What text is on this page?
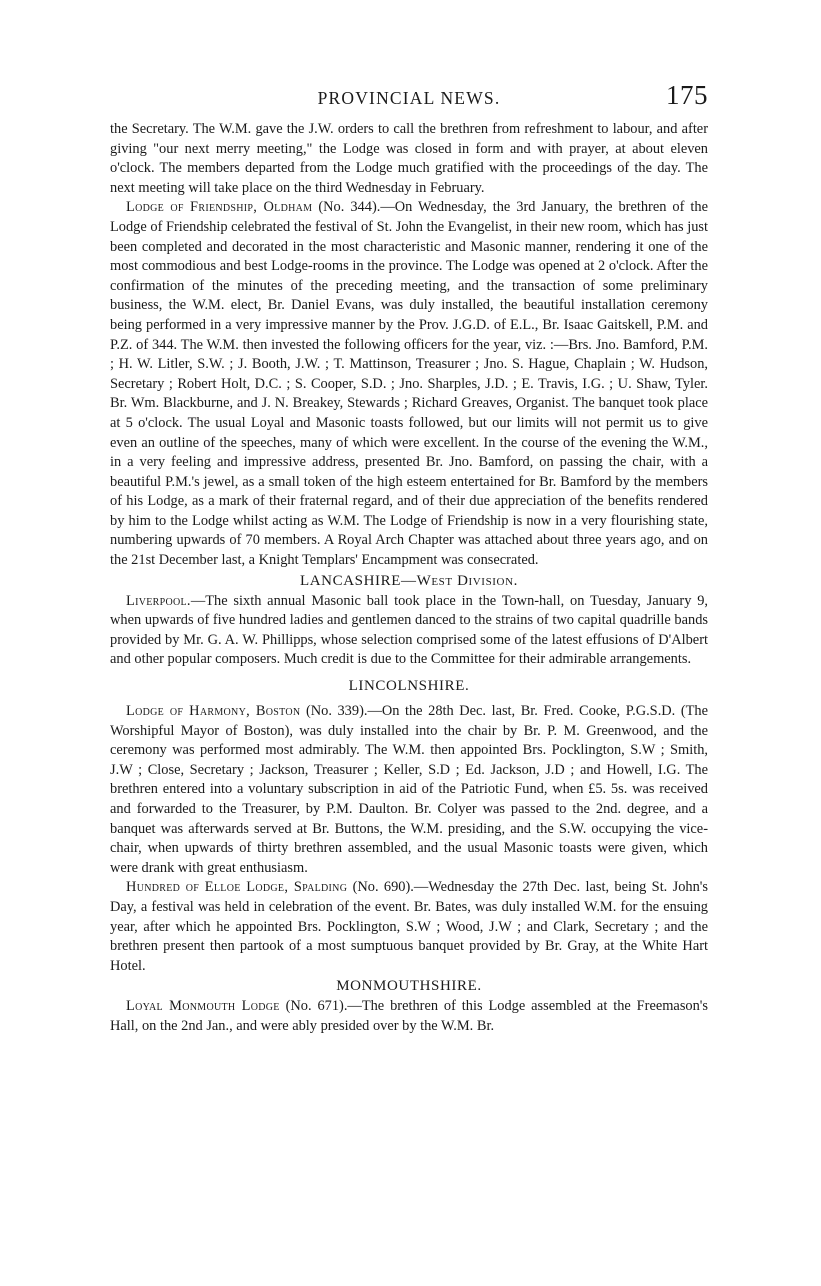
PROVINCIAL NEWS.	175

the Secretary. The W.M. gave the J.W. orders to call the brethren from refreshment to labour, and after giving "our next merry meeting," the Lodge was closed in form and with prayer, at about eleven o'clock. The members departed from the Lodge much gratified with the proceedings of the day. The next meeting will take place on the third Wednesday in February.

Lodge of Friendship, Oldham (No. 344).—On Wednesday, the 3rd January, the brethren of the Lodge of Friendship celebrated the festival of St. John the Evangelist, in their new room, which has just been completed and decorated in the most characteristic and Masonic manner, rendering it one of the most commodious and best Lodge-rooms in the province. The Lodge was opened at 2 o'clock. After the confirmation of the minutes of the preceding meeting, and the transaction of some preliminary business, the W.M. elect, Br. Daniel Evans, was duly installed, the beautiful installation ceremony being performed in a very impressive manner by the Prov. J.G.D. of E.L., Br. Isaac Gaitskell, P.M. and P.Z. of 344. The W.M. then invested the following officers for the year, viz. :—Brs. Jno. Bamford, P.M. ; H. W. Litler, S.W. ; J. Booth, J.W. ; T. Mattinson, Treasurer ; Jno. S. Hague, Chaplain ; W. Hudson, Secretary ; Robert Holt, D.C. ; S. Cooper, S.D. ; Jno. Sharples, J.D. ; E. Travis, I.G. ; U. Shaw, Tyler. Br. Wm. Blackburne, and J. N. Breakey, Stewards ; Richard Greaves, Organist. The banquet took place at 5 o'clock. The usual Loyal and Masonic toasts followed, but our limits will not permit us to give even an outline of the speeches, many of which were excellent. In the course of the evening the W.M., in a very feeling and impressive address, presented Br. Jno. Bamford, on passing the chair, with a beautiful P.M.'s jewel, as a small token of the high esteem entertained for Br. Bamford by the members of his Lodge, as a mark of their fraternal regard, and of their due appreciation of the benefits rendered by him to the Lodge whilst acting as W.M. The Lodge of Friendship is now in a very flourishing state, numbering upwards of 70 members. A Royal Arch Chapter was attached about three years ago, and on the 21st December last, a Knight Templars' Encampment was consecrated.

LANCASHIRE—West Division.

Liverpool.—The sixth annual Masonic ball took place in the Town-hall, on Tuesday, January 9, when upwards of five hundred ladies and gentlemen danced to the strains of two capital quadrille bands provided by Mr. G. A. W. Phillipps, whose selection comprised some of the latest effusions of D'Albert and other popular composers. Much credit is due to the Committee for their admirable arrangements.

LINCOLNSHIRE.

Lodge of Harmony, Boston (No. 339).—On the 28th Dec. last, Br. Fred. Cooke, P.G.S.D. (The Worshipful Mayor of Boston), was duly installed into the chair by Br. P. M. Greenwood, and the ceremony was performed most admirably. The W.M. then appointed Brs. Pocklington, S.W ; Smith, J.W ; Close, Secretary ; Jackson, Treasurer ; Keller, S.D ; Ed. Jackson, J.D ; and Howell, I.G. The brethren entered into a voluntary subscription in aid of the Patriotic Fund, when £5. 5s. was received and forwarded to the Treasurer, by P.M. Daulton. Br. Colyer was passed to the 2nd. degree, and a banquet was afterwards served at Br. Buttons, the W.M. presiding, and the S.W. occupying the vice-chair, when upwards of thirty brethren assembled, and the usual Masonic toasts were given, which were drank with great enthusiasm.

Hundred of Elloe Lodge, Spalding (No. 690).—Wednesday the 27th Dec. last, being St. John's Day, a festival was held in celebration of the event. Br. Bates, was duly installed W.M. for the ensuing year, after which he appointed Brs. Pocklington, S.W ; Wood, J.W ; and Clark, Secretary ; and the brethren present then partook of a most sumptuous banquet provided by Br. Gray, at the White Hart Hotel.

MONMOUTHSHIRE.

Loyal Monmouth Lodge (No. 671).—The brethren of this Lodge assembled at the Freemason's Hall, on the 2nd Jan., and were ably presided over by the W.M. Br.
